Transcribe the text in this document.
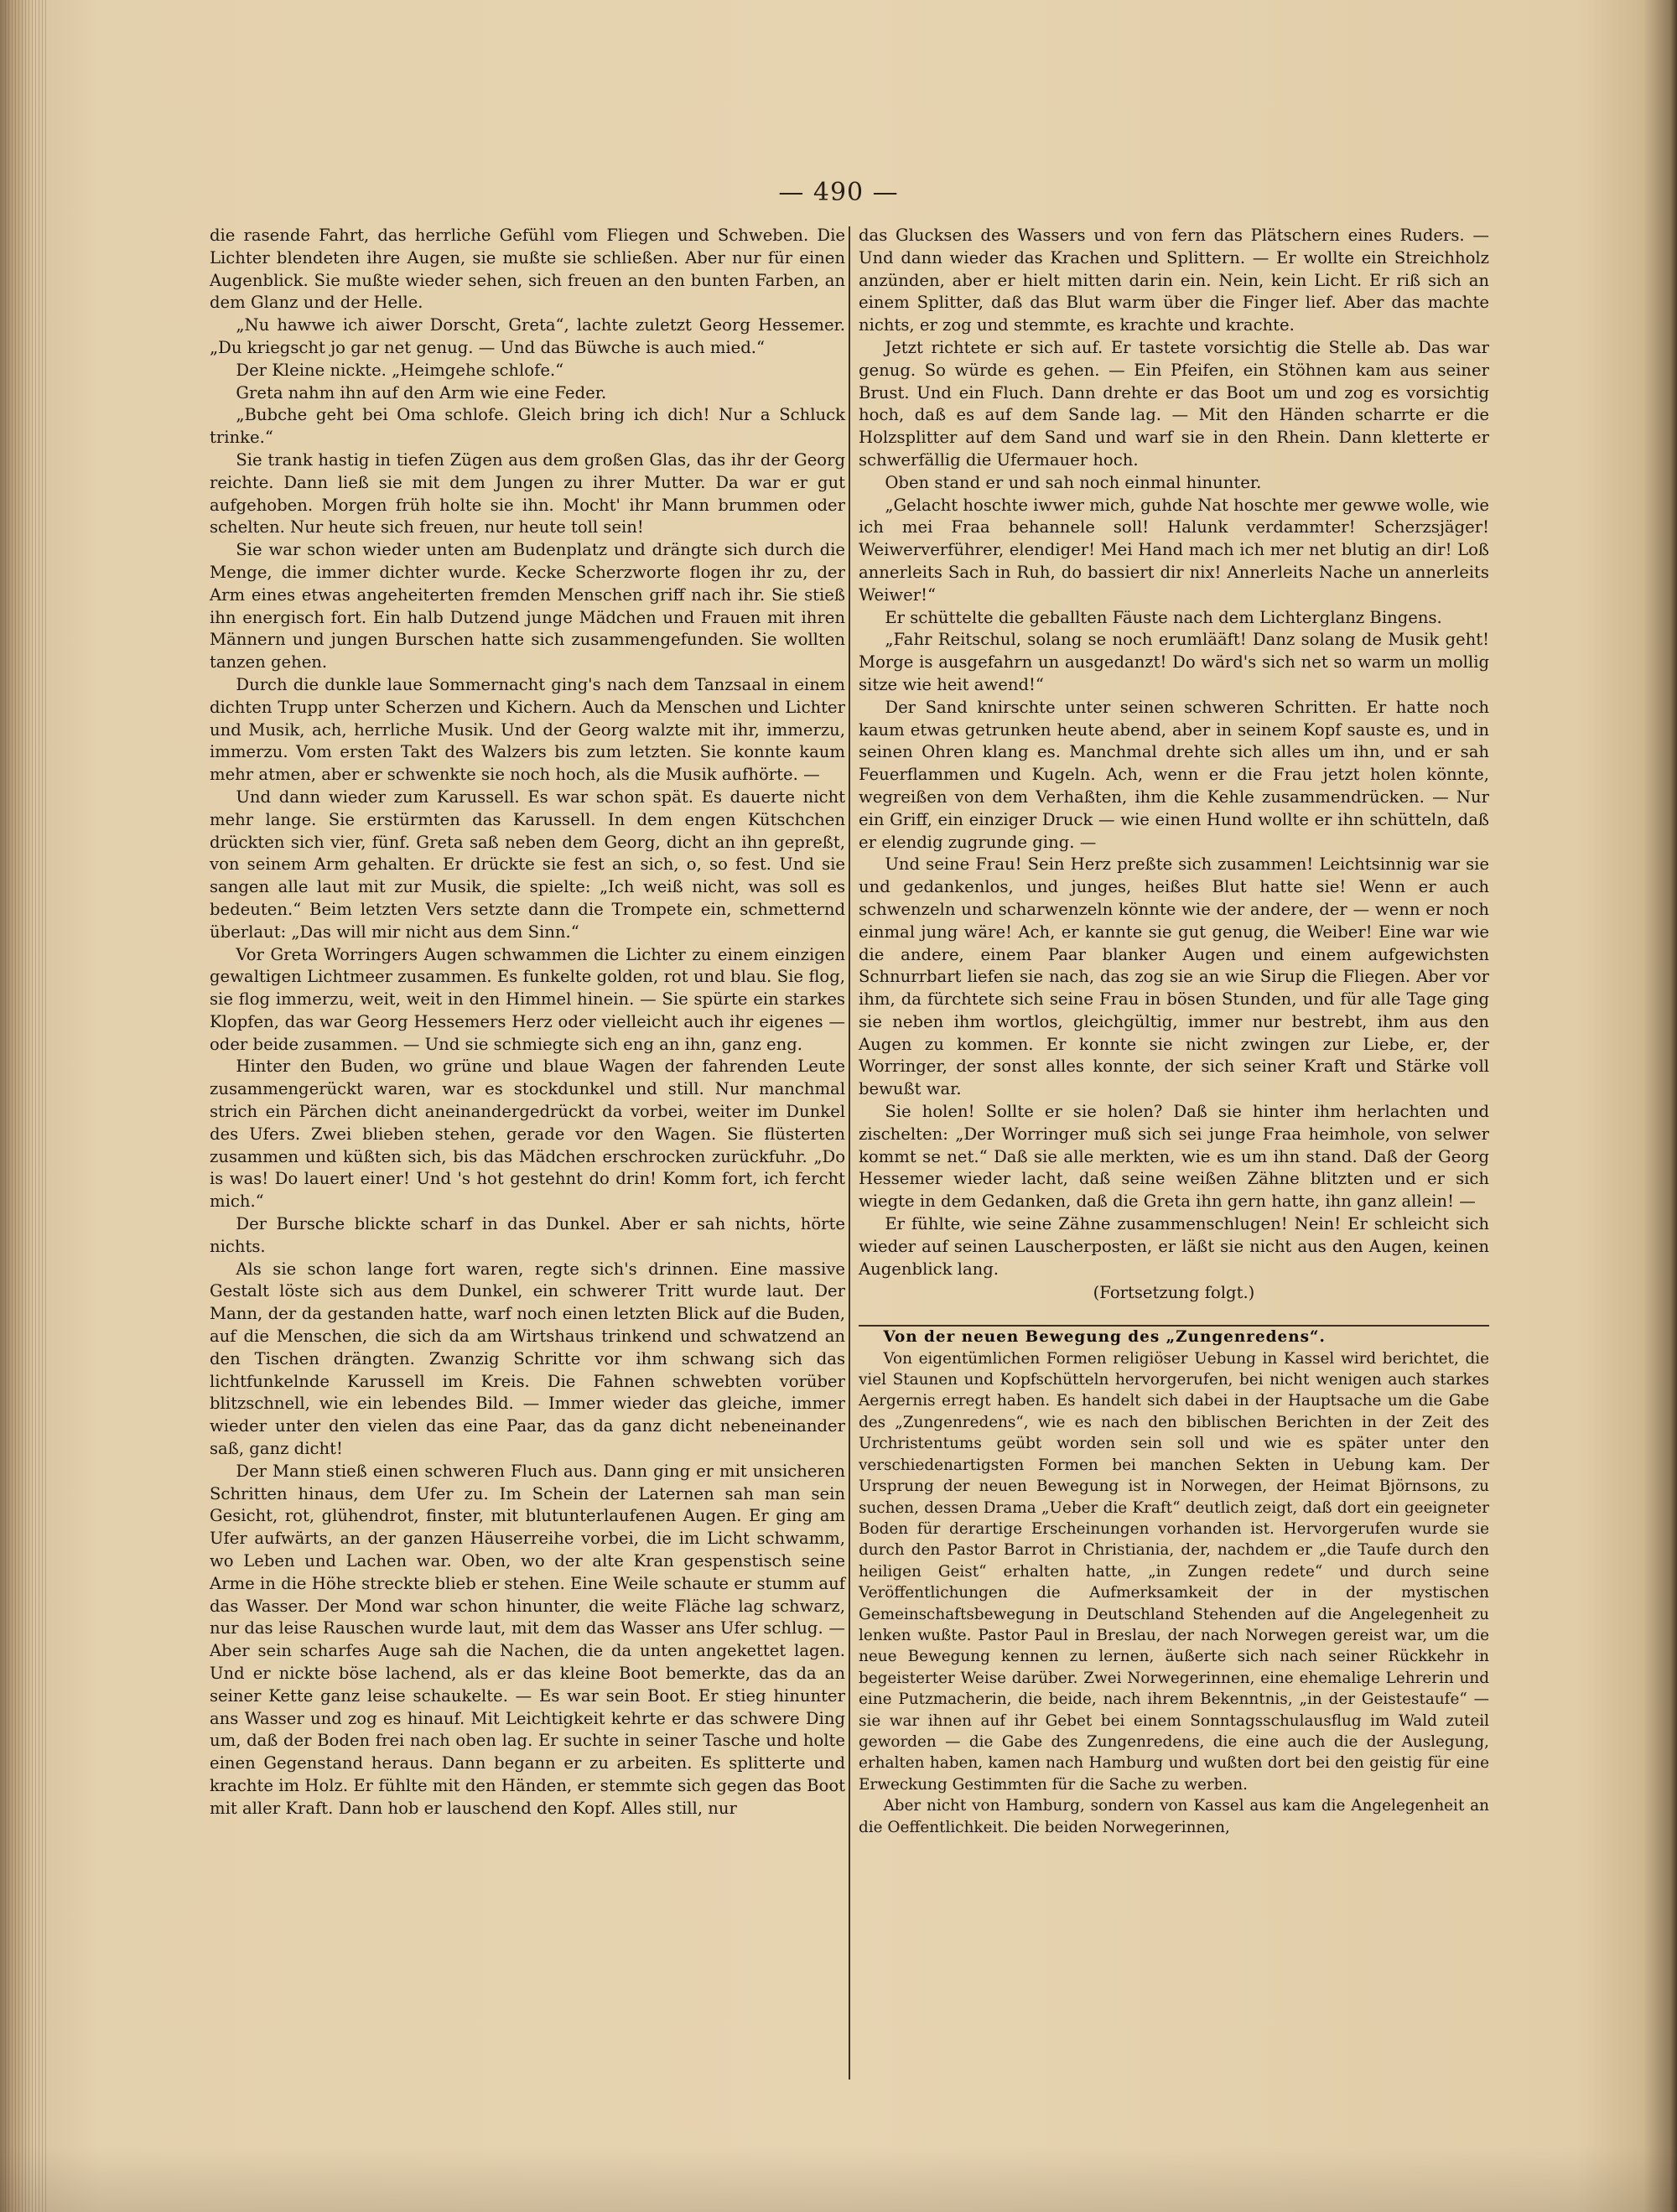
— 490 —

die rasende Fahrt, das herrliche Gefühl vom Fliegen und Schweben. Die Lichter blendeten ihre Augen, sie mußte sie schließen. Aber nur für einen Augenblick. Sie mußte wieder sehen, sich freuen an den bunten Farben, an dem Glanz und der Helle.

„Nu hawwe ich aiwer Dorscht, Greta“, lachte zuletzt Georg Hessemer. „Du kriegscht jo gar net genug. — Und das Büwche is auch mied.“

Der Kleine nickte. „Heimgehe schlofe.“

Greta nahm ihn auf den Arm wie eine Feder.

„Bubche geht bei Oma schlofe. Gleich bring ich dich! Nur a Schluck trinke.“

Sie trank hastig in tiefen Zügen aus dem großen Glas, das ihr der Georg reichte. Dann ließ sie mit dem Jungen zu ihrer Mutter. Da war er gut aufgehoben. Morgen früh holte sie ihn. Mocht' ihr Mann brummen oder schelten. Nur heute sich freuen, nur heute toll sein!

Sie war schon wieder unten am Budenplatz und drängte sich durch die Menge, die immer dichter wurde. Kecke Scherzworte flogen ihr zu, der Arm eines etwas angeheiterten fremden Menschen griff nach ihr. Sie stieß ihn energisch fort. Ein halb Dutzend junge Mädchen und Frauen mit ihren Männern und jungen Burschen hatte sich zusammengefunden. Sie wollten tanzen gehen.

Durch die dunkle laue Sommernacht ging's nach dem Tanzsaal in einem dichten Trupp unter Scherzen und Kichern. Auch da Menschen und Lichter und Musik, ach, herrliche Musik. Und der Georg walzte mit ihr, immerzu, immerzu. Vom ersten Takt des Walzers bis zum letzten. Sie konnte kaum mehr atmen, aber er schwenkte sie noch hoch, als die Musik aufhörte. —

Und dann wieder zum Karussell. Es war schon spät. Es dauerte nicht mehr lange. Sie erstürmten das Karussell. In dem engen Kütschchen drückten sich vier, fünf. Greta saß neben dem Georg, dicht an ihn gepreßt, von seinem Arm gehalten. Er drückte sie fest an sich, o, so fest. Und sie sangen alle laut mit zur Musik, die spielte: „Ich weiß nicht, was soll es bedeuten.“ Beim letzten Vers setzte dann die Trompete ein, schmetternd überlaut: „Das will mir nicht aus dem Sinn.“

Vor Greta Worringers Augen schwammen die Lichter zu einem einzigen gewaltigen Lichtmeer zusammen. Es funkelte golden, rot und blau. Sie flog, sie flog immerzu, weit, weit in den Himmel hinein. — Sie spürte ein starkes Klopfen, das war Georg Hessemers Herz oder vielleicht auch ihr eigenes — oder beide zusammen. — Und sie schmiegte sich eng an ihn, ganz eng.

Hinter den Buden, wo grüne und blaue Wagen der fahrenden Leute zusammengerückt waren, war es stockdunkel und still. Nur manchmal strich ein Pärchen dicht aneinandergedrückt da vorbei, weiter im Dunkel des Ufers. Zwei blieben stehen, gerade vor den Wagen. Sie flüsterten zusammen und küßten sich, bis das Mädchen erschrocken zurückfuhr. „Do is was! Do lauert einer! Und 's hot gestehnt do drin! Komm fort, ich fercht mich.“

Der Bursche blickte scharf in das Dunkel. Aber er sah nichts, hörte nichts.

Als sie schon lange fort waren, regte sich's drinnen. Eine massive Gestalt löste sich aus dem Dunkel, ein schwerer Tritt wurde laut. Der Mann, der da gestanden hatte, warf noch einen letzten Blick auf die Buden, auf die Menschen, die sich da am Wirtshaus trinkend und schwatzend an den Tischen drängten. Zwanzig Schritte vor ihm schwang sich das lichtfunkelnde Karussell im Kreis. Die Fahnen schwebten vorüber blitzschnell, wie ein lebendes Bild. — Immer wieder das gleiche, immer wieder unter den vielen das eine Paar, das da ganz dicht nebeneinander saß, ganz dicht!

Der Mann stieß einen schweren Fluch aus. Dann ging er mit unsicheren Schritten hinaus, dem Ufer zu. Im Schein der Laternen sah man sein Gesicht, rot, glühendrot, finster, mit blutunterlaufenen Augen. Er ging am Ufer aufwärts, an der ganzen Häuserreihe vorbei, die im Licht schwamm, wo Leben und Lachen war. Oben, wo der alte Kran gespenstisch seine Arme in die Höhe streckte blieb er stehen. Eine Weile schaute er stumm auf das Wasser. Der Mond war schon hinunter, die weite Fläche lag schwarz, nur das leise Rauschen wurde laut, mit dem das Wasser ans Ufer schlug. — Aber sein scharfes Auge sah die Nachen, die da unten angekettet lagen. Und er nickte böse lachend, als er das kleine Boot bemerkte, das da an seiner Kette ganz leise schaukelte. — Es war sein Boot. Er stieg hinunter ans Wasser und zog es hinauf. Mit Leichtigkeit kehrte er das schwere Ding um, daß der Boden frei nach oben lag. Er suchte in seiner Tasche und holte einen Gegenstand heraus. Dann begann er zu arbeiten. Es splitterte und krachte im Holz. Er fühlte mit den Händen, er stemmte sich gegen das Boot mit aller Kraft. Dann hob er lauschend den Kopf. Alles still, nur

das Glucksen des Wassers und von fern das Plätschern eines Ruders. — Und dann wieder das Krachen und Splittern. — Er wollte ein Streichholz anzünden, aber er hielt mitten darin ein. Nein, kein Licht. Er riß sich an einem Splitter, daß das Blut warm über die Finger lief. Aber das machte nichts, er zog und stemmte, es krachte und krachte.

Jetzt richtete er sich auf. Er tastete vorsichtig die Stelle ab. Das war genug. So würde es gehen. — Ein Pfeifen, ein Stöhnen kam aus seiner Brust. Und ein Fluch. Dann drehte er das Boot um und zog es vorsichtig hoch, daß es auf dem Sande lag. — Mit den Händen scharrte er die Holzsplitter auf dem Sand und warf sie in den Rhein. Dann kletterte er schwerfällig die Ufermauer hoch.

Oben stand er und sah noch einmal hinunter.

„Gelacht hoschte iwwer mich, guhde Nat hoschte mer gewwe wolle, wie ich mei Fraa behannele soll! Halunk verdammter! Scherzsjäger! Weiwerverführer, elendiger! Mei Hand mach ich mer net blutig an dir! Loß annerleits Sach in Ruh, do bassiert dir nix! Annerleits Nache un annerleits Weiwer!“

Er schüttelte die geballten Fäuste nach dem Lichterglanz Bingens.

„Fahr Reitschul, solang se noch erumlääft! Danz solang de Musik geht! Morge is ausgefahrn un ausgedanzt! Do wärd's sich net so warm un mollig sitze wie heit awend!“

Der Sand knirschte unter seinen schweren Schritten. Er hatte noch kaum etwas getrunken heute abend, aber in seinem Kopf sauste es, und in seinen Ohren klang es. Manchmal drehte sich alles um ihn, und er sah Feuerflammen und Kugeln. Ach, wenn er die Frau jetzt holen könnte, wegreißen von dem Verhaßten, ihm die Kehle zusammendrücken. — Nur ein Griff, ein einziger Druck — wie einen Hund wollte er ihn schütteln, daß er elendig zugrunde ging. —

Und seine Frau! Sein Herz preßte sich zusammen! Leichtsinnig war sie und gedankenlos, und junges, heißes Blut hatte sie! Wenn er auch schwenzeln und scharwenzeln könnte wie der andere, der — wenn er noch einmal jung wäre! Ach, er kannte sie gut genug, die Weiber! Eine war wie die andere, einem Paar blanker Augen und einem aufgewichsten Schnurrbart liefen sie nach, das zog sie an wie Sirup die Fliegen. Aber vor ihm, da fürchtete sich seine Frau in bösen Stunden, und für alle Tage ging sie neben ihm wortlos, gleichgültig, immer nur bestrebt, ihm aus den Augen zu kommen. Er konnte sie nicht zwingen zur Liebe, er, der Worringer, der sonst alles konnte, der sich seiner Kraft und Stärke voll bewußt war.

Sie holen! Sollte er sie holen? Daß sie hinter ihm herlachten und zischelten: „Der Worringer muß sich sei junge Fraa heimhole, von selwer kommt se net.“ Daß sie alle merkten, wie es um ihn stand. Daß der Georg Hessemer wieder lacht, daß seine weißen Zähne blitzten und er sich wiegte in dem Gedanken, daß die Greta ihn gern hatte, ihn ganz allein! —

Er fühlte, wie seine Zähne zusammenschlugen! Nein! Er schleicht sich wieder auf seinen Lauscherposten, er läßt sie nicht aus den Augen, keinen Augenblick lang.

(Fortsetzung folgt.)

Von der neuen Bewegung des „Zungenredens“.

Von eigentümlichen Formen religiöser Uebung in Kassel wird berichtet, die viel Staunen und Kopfschütteln hervorgerufen, bei nicht wenigen auch starkes Aergernis erregt haben. Es handelt sich dabei in der Hauptsache um die Gabe des „Zungenredens“, wie es nach den biblischen Berichten in der Zeit des Urchristentums geübt worden sein soll und wie es später unter den verschiedenartigsten Formen bei manchen Sekten in Uebung kam. Der Ursprung der neuen Bewegung ist in Norwegen, der Heimat Björnsons, zu suchen, dessen Drama „Ueber die Kraft“ deutlich zeigt, daß dort ein geeigneter Boden für derartige Erscheinungen vorhanden ist. Hervorgerufen wurde sie durch den Pastor Barrot in Christiania, der, nachdem er „die Taufe durch den heiligen Geist“ erhalten hatte, „in Zungen redete“ und durch seine Veröffentlichungen die Aufmerksamkeit der in der mystischen Gemeinschaftsbewegung in Deutschland Stehenden auf die Angelegenheit zu lenken wußte. Pastor Paul in Breslau, der nach Norwegen gereist war, um die neue Bewegung kennen zu lernen, äußerte sich nach seiner Rückkehr in begeisterter Weise darüber. Zwei Norwegerinnen, eine ehemalige Lehrerin und eine Putzmacherin, die beide, nach ihrem Bekenntnis, „in der Geistestaufe“ — sie war ihnen auf ihr Gebet bei einem Sonntagsschulausflug im Wald zuteil geworden — die Gabe des Zungenredens, die eine auch die der Auslegung, erhalten haben, kamen nach Hamburg und wußten dort bei den geistig für eine Erweckung Gestimmten für die Sache zu werben.

Aber nicht von Hamburg, sondern von Kassel aus kam die Angelegenheit an die Oeffentlichkeit. Die beiden Norwegerinnen,
